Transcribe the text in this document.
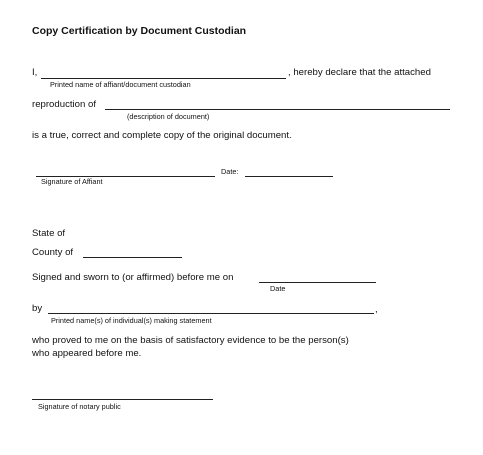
Copy Certification by Document Custodian
I,	, hereby declare that the attached
Printed name of affiant/document custodian
reproduction of
(description of document)
is a true, correct and complete copy of the original document.
Date:
Signature of Affiant
State of
County of
Signed and sworn to (or affirmed) before me on
Date
by	,
Printed name(s) of individual(s) making statement
who proved to me on the basis of satisfactory evidence to be the person(s)
who appeared before me.
Signature of notary public
